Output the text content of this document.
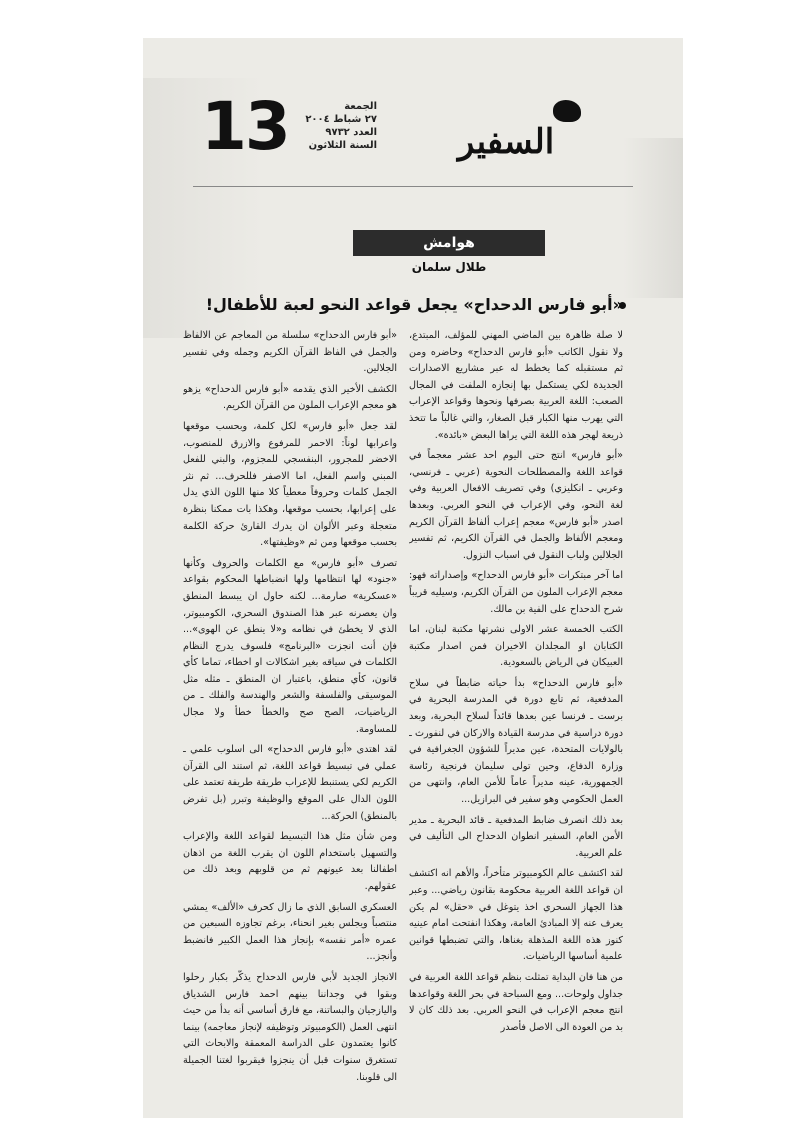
13	الجمعة
٢٧ شباط ٢٠٠٤
العدد ٩٧٣٢
السنة الثلاثون	السفير
هوامش
طلال سلمان
«أبو فارس الدحداح» يجعل قواعد النحو لعبة للأطفال!

لا صلة ظاهرة بين الماضي المهني للمؤلف، المبتدع، ولا نقول الكاتب «أبو فارس الدحداح» وحاضره ومن ثم مستقبله كما يخطط له عبر مشاريع الاصدارات الجديدة لكي يستكمل بها إنجازه الملفت في المجال الصعب: اللغة العربية بصرفها ونحوها وقواعد الإعراب التي يهرب منها الكبار قبل الصغار، والتي غالباً ما تتخذ ذريعة لهجر هذه اللغة التي يراها البعض «بائدة».

«أبو فارس» انتج حتى اليوم احد عشر معجماً في قواعد اللغة والمصطلحات النحوية (عربي ـ فرنسي، وعربي ـ انكليزي) وفي تصريف الافعال العربية وفي لغة النحو، وفي الإعراب في النحو العربي. وبعدها اصدر «أبو فارس» معجم إعراب ألفاظ القرآن الكريم ومعجم الألفاظ والجمل في القرآن الكريم، ثم تفسير الجلالين ولباب النقول في اسباب النزول.

اما آخر مبتكرات «أبو فارس الدحداح» وإصداراته فهو: معجم الإعراب الملون من القرآن الكريم، وسيليه قريباً شرح الدحداح على الفية بن مالك.

الكتب الخمسة عشر الاولى نشرتها مكتبة لبنان، اما الكتابان او المجلدان الاخيران فمن اصدار مكتبة العبيكان في الرياض بالسعودية.

«أبو فارس الدحداح» بدأ حياته ضابطاً في سلاح المدفعية، ثم تابع دورة في المدرسة البحرية في برست ـ فرنسا عين بعدها قائداً لسلاح البحرية، وبعد دورة دراسية في مدرسة القيادة والاركان في لنفورث ـ بالولايات المتحدة، عين مديراً للشؤون الجغرافية في وزارة الدفاع، وحين تولى سليمان فرنجية رئاسة الجمهورية، عينه مديراً عاماً للأمن العام، وانتهى من العمل الحكومي وهو سفير في البرازيل...

بعد ذلك انصرف ضابط المدفعية ـ قائد البحرية ـ مدير الأمن العام، السفير انطوان الدحداح الى التأليف في علم العربية.

لقد اكتشف عالم الكومبيوتر متأخراً، والأهم انه اكتشف ان قواعد اللغة العربية محكومة بقانون رياضي... وعبر هذا الجهاز السحري اخذ يتوغل في «حقل» لم يكن يعرف عنه إلا المبادئ العامة، وهكذا انفتحت امام عينيه كنوز هذه اللغة المذهلة بغناها، والتي تضبطها قوانين علمية أساسها الرياضيات.

من هنا فان البداية تمثلت بنظم قواعد اللغة العربية في جداول ولوحات... ومع السباحة في بحر اللغة وقواعدها انتج معجم الإعراب في النحو العربي. بعد ذلك كان لا بد من العودة الى الاصل فأصدر

«أبو فارس الدحداح» سلسلة من المعاجم عن الالفاظ والجمل في الفاظ القرآن الكريم وجمله وفي تفسير الجلالين.

الكشف الأخير الذي يقدمه «أبو فارس الدحداح» يزهو هو معجم الإعراب الملون من القرآن الكريم.

لقد جعل «أبو فارس» لكل كلمة، وبحسب موقعها واعرابها لوناً: الاحمر للمرفوع والازرق للمنصوب، الاخضر للمجرور، البنفسجي للمجزوم، والبني للفعل المبني واسم الفعل، اما الاصفر فللحرف... ثم نثر الجمل كلمات وحروفاً معطياً كلا منها اللون الذي يدل على إعرابها، بحسب موقعها، وهكذا بات ممكنا بنظرة متعجلة وعبر الألوان ان يدرك القارئ حركة الكلمة بحسب موقعها ومن ثم «وظيفتها».

تصرف «أبو فارس» مع الكلمات والحروف وكأنها «جنود» لها انتظامها ولها انضباطها المحكوم بقواعد «عسكرية» صارمة... لكنه حاول ان يبسط المنطق وان يعصرنه عبر هذا الصندوق السحري، الكومبيوتر، الذي لا يخطئ في نظامه و«لا ينطق عن الهوى»... فإن أنت انجزت «البرنامج» فلسوف يدرج النظام الكلمات في سياقه بغير اشكالات او اخطاء، تماما كأي قانون، كأي منطق، باعتبار ان المنطق ـ مثله مثل الموسيقى والفلسفة والشعر والهندسة والفلك ـ من الرياضيات، الصح صح والخطأ خطأ ولا مجال للمساومة.

لقد اهتدى «أبو فارس الدحداح» الى اسلوب علمي ـ عملي في تبسيط قواعد اللغة، ثم استند الى القرآن الكريم لكي يستنبط للإعراب طريقة طريفة تعتمد على اللون الدال على الموقع والوظيفة وتبرر (بل تفرض بالمنطق) الحركة...

ومن شأن مثل هذا التبسيط لقواعد اللغة والإعراب والتسهيل باستخدام اللون ان يقرب اللغة من اذهان اطفالنا بعد عيونهم ثم من قلوبهم وبعد ذلك من عقولهم.

العسكري السابق الذي ما زال كحرف «الألف» يمشي منتصباً ويجلس بغير انحناء، برغم تجاوزه السبعين من عمره «أمر نفسه» بإنجاز هذا العمل الكبير فانضبط وأنجز...

الانجاز الجديد لأبي فارس الدحداح يذكّر بكبار رحلوا وبقوا في وجداننا بينهم احمد فارس الشدياق واليازجيان والبساتنة، مع فارق أساسي أنه بدأ من حيث انتهى العمل (الكومبيوتر وتوظيفه لإنجاز معاجمه) بينما كانوا يعتمدون على الدراسة المعمقة والابحاث التي تستغرق سنوات قبل أن ينجزوا فيقربوا لغتنا الجميلة الى قلوبنا.
